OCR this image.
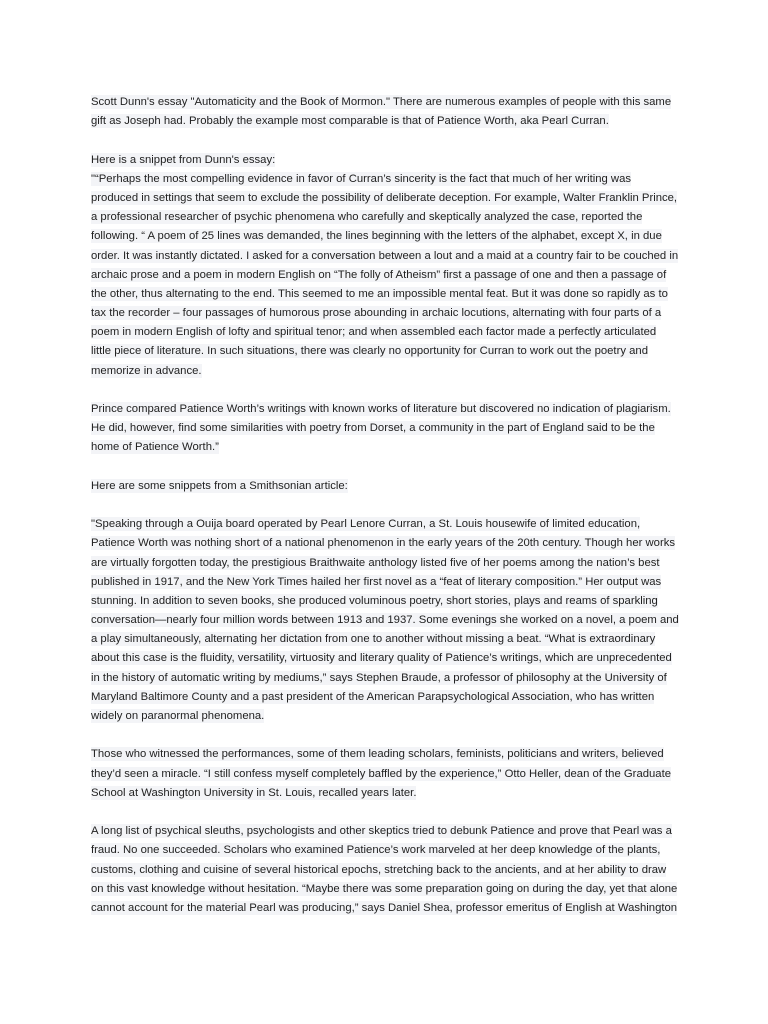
Scott Dunn's essay "Automaticity and the Book of Mormon." There are numerous examples of people with this same
gift as Joseph had. Probably the example most comparable is that of Patience Worth, aka Pearl Curran.
Here is a snippet from Dunn's essay:
"“Perhaps the most compelling evidence in favor of Curran’s sincerity is the fact that much of her writing was
produced in settings that seem to exclude the possibility of deliberate deception. For example, Walter Franklin Prince,
a professional researcher of psychic phenomena who carefully and skeptically analyzed the case, reported the
following. “ A poem of 25 lines was demanded, the lines beginning with the letters of the alphabet, except X, in due
order. It was instantly dictated. I asked for a conversation between a lout and a maid at a country fair to be couched in
archaic prose and a poem in modern English on “The folly of Atheism” first a passage of one and then a passage of
the other, thus alternating to the end. This seemed to me an impossible mental feat. But it was done so rapidly as to
tax the recorder – four passages of humorous prose abounding in archaic locutions, alternating with four parts of a
poem in modern English of lofty and spiritual tenor; and when assembled each factor made a perfectly articulated
little piece of literature. In such situations, there was clearly no opportunity for Curran to work out the poetry and
memorize in advance.
Prince compared Patience Worth’s writings with known works of literature but discovered no indication of plagiarism.
He did, however, find some similarities with poetry from Dorset, a community in the part of England said to be the
home of Patience Worth.”
Here are some snippets from a Smithsonian article:
"Speaking through a Ouija board operated by Pearl Lenore Curran, a St. Louis housewife of limited education,
Patience Worth was nothing short of a national phenomenon in the early years of the 20th century. Though her works
are virtually forgotten today, the prestigious Braithwaite anthology listed five of her poems among the nation’s best
published in 1917, and the New York Times hailed her first novel as a “feat of literary composition.” Her output was
stunning. In addition to seven books, she produced voluminous poetry, short stories, plays and reams of sparkling
conversation—nearly four million words between 1913 and 1937. Some evenings she worked on a novel, a poem and
a play simultaneously, alternating her dictation from one to another without missing a beat. “What is extraordinary
about this case is the fluidity, versatility, virtuosity and literary quality of Patience’s writings, which are unprecedented
in the history of automatic writing by mediums,” says Stephen Braude, a professor of philosophy at the University of
Maryland Baltimore County and a past president of the American Parapsychological Association, who has written
widely on paranormal phenomena.
Those who witnessed the performances, some of them leading scholars, feminists, politicians and writers, believed
they’d seen a miracle. “I still confess myself completely baffled by the experience,” Otto Heller, dean of the Graduate
School at Washington University in St. Louis, recalled years later.
A long list of psychical sleuths, psychologists and other skeptics tried to debunk Patience and prove that Pearl was a
fraud. No one succeeded. Scholars who examined Patience’s work marveled at her deep knowledge of the plants,
customs, clothing and cuisine of several historical epochs, stretching back to the ancients, and at her ability to draw
on this vast knowledge without hesitation. “Maybe there was some preparation going on during the day, yet that alone
cannot account for the material Pearl was producing,” says Daniel Shea, professor emeritus of English at Washington
